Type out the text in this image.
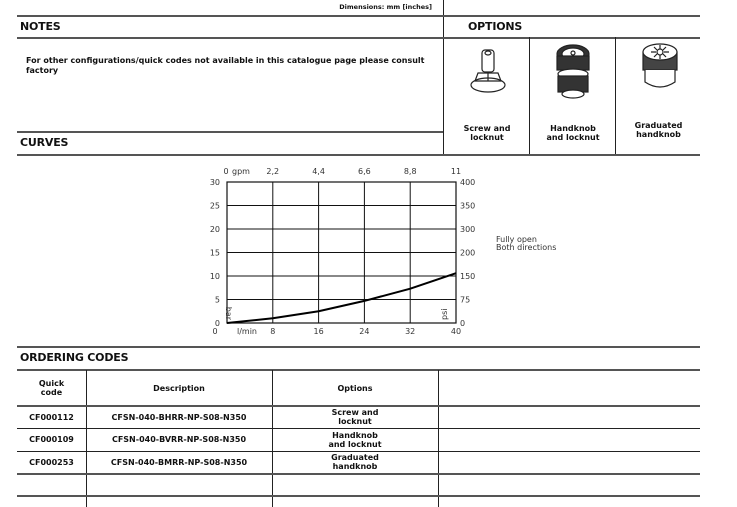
Dimensions: mm [inches]
NOTES	OPTIONS
For other configurations/quick codes not available in this catalogue page please consult factory
Screw and
locknut
Handknob
and locknut
Graduated
handknob
CURVES
0	0
5	75
10	150
15	200
20	300
25	350
30	400
0
0
8
2,2
16
4,4
24
6,6
32
8,8
40
11
l/min
gpm
bar	psi
Fully open
Both directions
ORDERING CODES
Quick
code	Description	Options
CF000112	CFSN-040-BHRR-NP-S08-N350	Screw and
locknut
CF000109	CFSN-040-BVRR-NP-S08-N350	Handknob
and locknut
CF000253	CFSN-040-BMRR-NP-S08-N350	Graduated
handknob
